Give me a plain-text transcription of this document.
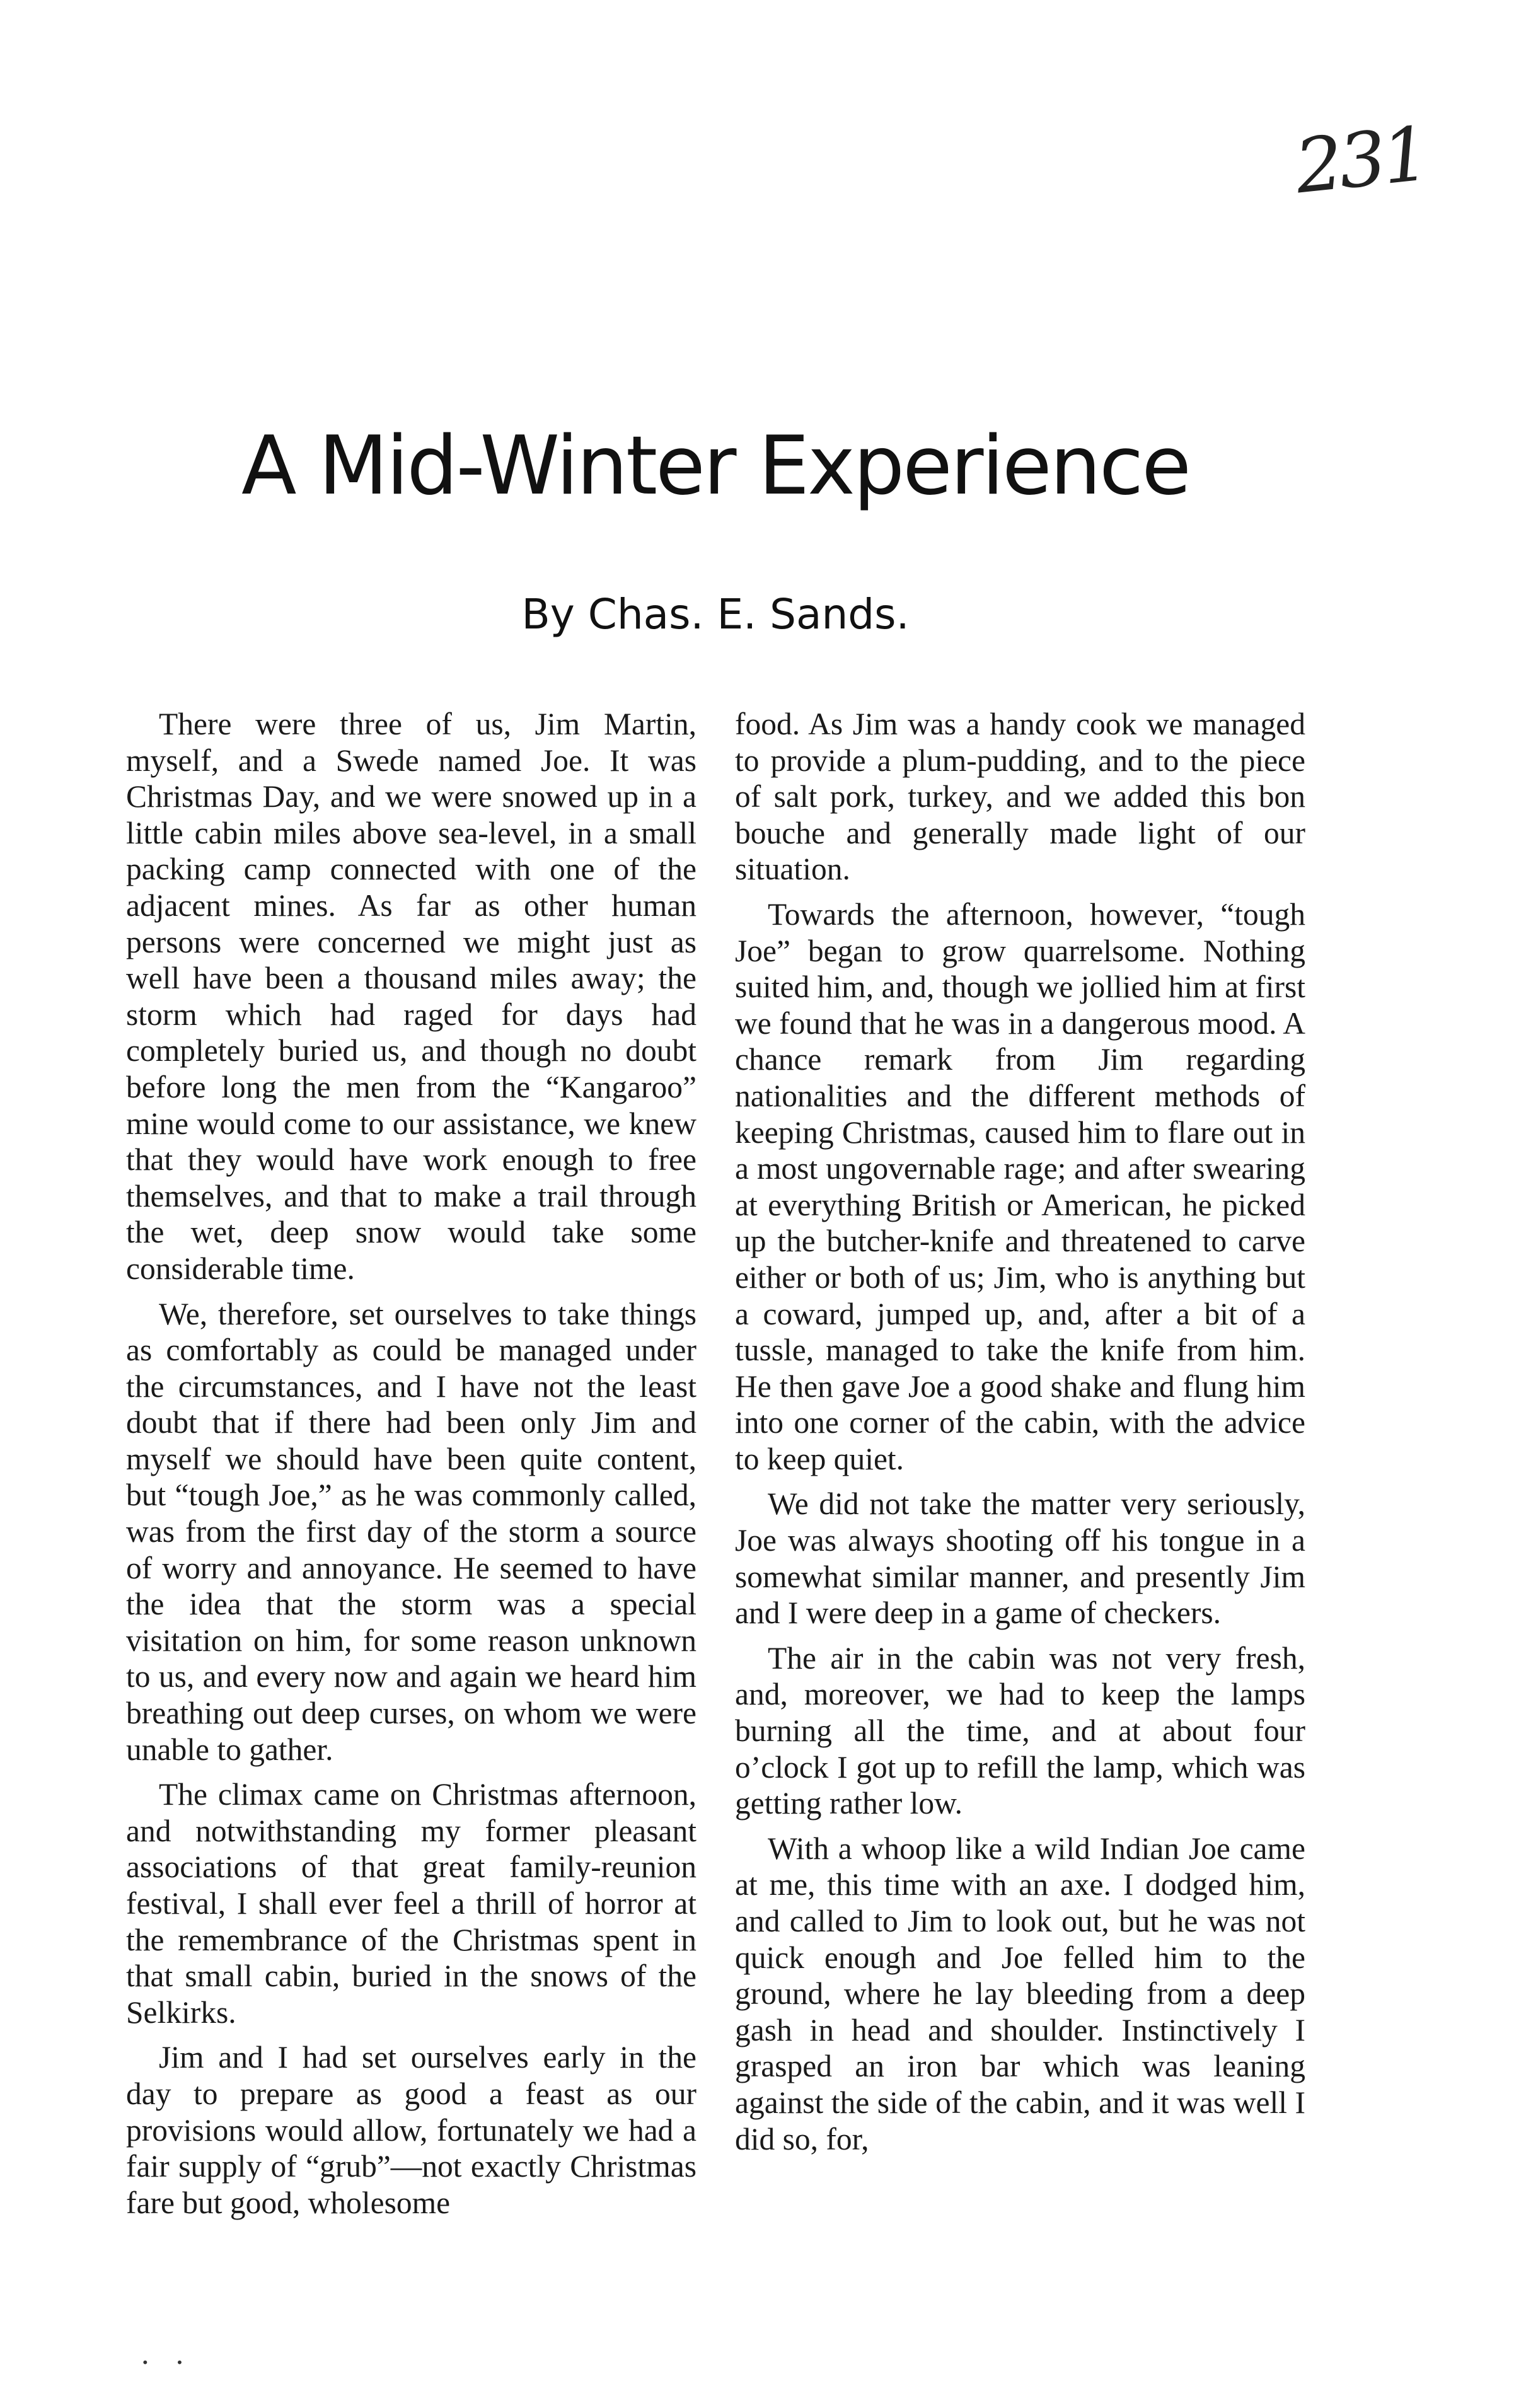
231
A Mid-Winter Experience
By Chas. E. Sands.

There were three of us, Jim Martin, myself, and a Swede named Joe. It was Christmas Day, and we were snowed up in a little cabin miles above sea-level, in a small packing camp connected with one of the adjacent mines. As far as other human persons were concerned we might just as well have been a thousand miles away; the storm which had raged for days had completely buried us, and though no doubt before long the men from the “Kangaroo” mine would come to our assistance, we knew that they would have work enough to free themselves, and that to make a trail through the wet, deep snow would take some considerable time.

We, therefore, set ourselves to take things as comfortably as could be managed under the circumstances, and I have not the least doubt that if there had been only Jim and myself we should have been quite content, but “tough Joe,” as he was commonly called, was from the first day of the storm a source of worry and annoyance. He seemed to have the idea that the storm was a special visitation on him, for some reason unknown to us, and every now and again we heard him breathing out deep curses, on whom we were unable to gather.

The climax came on Christmas afternoon, and notwithstanding my former pleasant associations of that great family-reunion festival, I shall ever feel a thrill of horror at the remembrance of the Christmas spent in that small cabin, buried in the snows of the Selkirks.

Jim and I had set ourselves early in the day to prepare as good a feast as our provisions would allow, fortunately we had a fair supply of “grub”—not exactly Christmas fare but good, wholesome

food. As Jim was a handy cook we managed to provide a plum-pudding, and to the piece of salt pork, turkey, and we added this bon bouche and generally made light of our situation.

Towards the afternoon, however, “tough Joe” began to grow quarrelsome. Nothing suited him, and, though we jollied him at first we found that he was in a dangerous mood. A chance remark from Jim regarding nationalities and the different methods of keeping Christmas, caused him to flare out in a most ungovernable rage; and after swearing at everything British or American, he picked up the butcher-knife and threatened to carve either or both of us; Jim, who is anything but a coward, jumped up, and, after a bit of a tussle, managed to take the knife from him. He then gave Joe a good shake and flung him into one corner of the cabin, with the advice to keep quiet.

We did not take the matter very seriously, Joe was always shooting off his tongue in a somewhat similar manner, and presently Jim and I were deep in a game of checkers.

The air in the cabin was not very fresh, and, moreover, we had to keep the lamps burning all the time, and at about four o’clock I got up to refill the lamp, which was getting rather low.

With a whoop like a wild Indian Joe came at me, this time with an axe. I dodged him, and called to Jim to look out, but he was not quick enough and Joe felled him to the ground, where he lay bleeding from a deep gash in head and shoulder. Instinctively I grasped an iron bar which was leaning against the side of the cabin, and it was well I did so, for,

··
